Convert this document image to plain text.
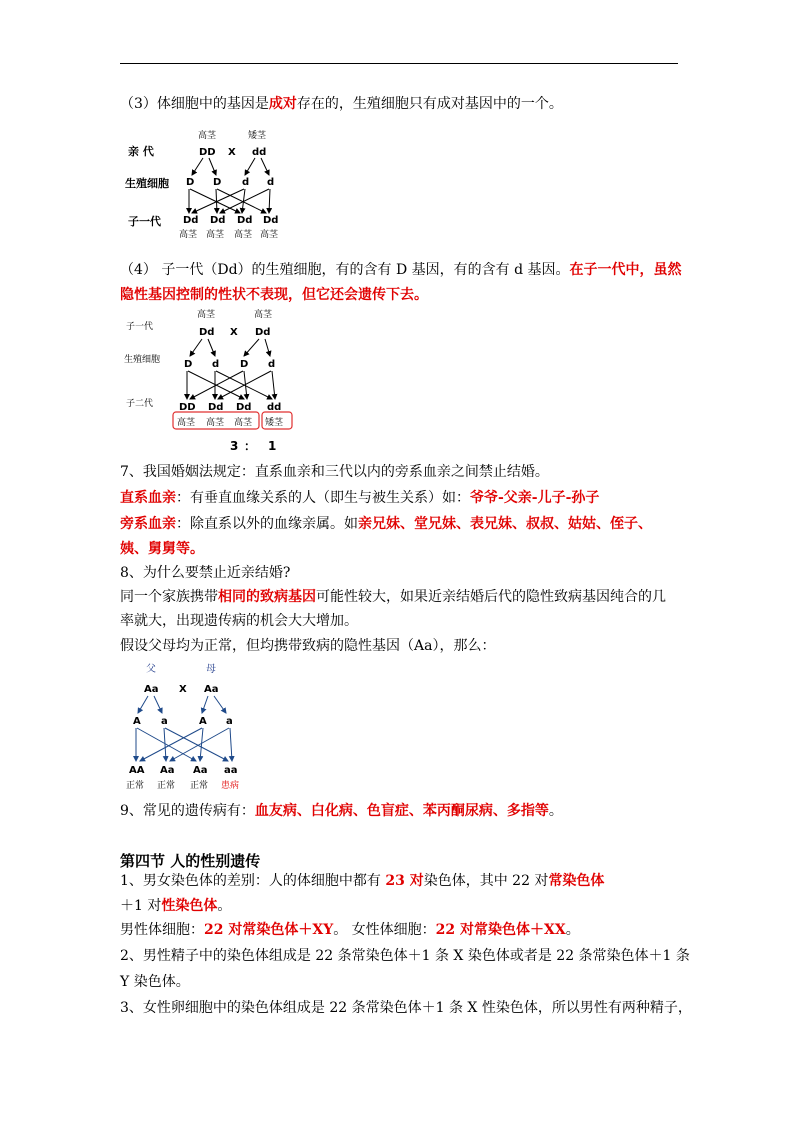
（3）体细胞中的基因是成对存在的，生殖细胞只有成对基因中的一个。
亲 代
生殖细胞
子一代
高茎	矮茎
DD X dd
D D d d
Dd Dd Dd Dd
高茎 高茎 高茎 高茎
（4） 子一代（Dd）的生殖细胞，有的含有 D 基因，有的含有 d 基因。在子一代中，虽然
隐性基因控制的性状不表现，但它还会遗传下去。
子一代
生殖细胞
子二代
高茎	高茎
Dd X Dd
D d D d
DD Dd Dd dd
高茎 高茎 高茎 矮茎
3 ： 1
7、我国婚姻法规定：直系血亲和三代以内的旁系血亲之间禁止结婚。
直系血亲：有垂直血缘关系的人（即生与被生关系）如：爷爷-父亲-儿子-孙子
旁系血亲：除直系以外的血缘亲属。如亲兄妹、堂兄妹、表兄妹、叔叔、姑姑、侄子、
姨、舅舅等。
8、为什么要禁止近亲结婚?
同一个家族携带相同的致病基因可能性较大，如果近亲结婚后代的隐性致病基因纯合的几
率就大，出现遗传病的机会大大增加。
假设父母均为正常，但均携带致病的隐性基因（Aa），那么：
父	母
Aa X Aa
A a	A a
AA Aa Aa aa
正常 正常 正常 患病
9、常见的遗传病有：血友病、白化病、色盲症、苯丙酮尿病、多指等。
第四节 人的性别遗传
1、男女染色体的差别：人的体细胞中都有 23 对染色体，其中 22 对常染色体
＋1 对性染色体。
男性体细胞：22 对常染色体＋XY。 女性体细胞：22 对常染色体＋XX。
2、男性精子中的染色体组成是 22 条常染色体＋1 条 X 染色体或者是 22 条常染色体＋1 条
Y 染色体。
3、女性卵细胞中的染色体组成是 22 条常染色体＋1 条 X 性染色体，所以男性有两种精子，
